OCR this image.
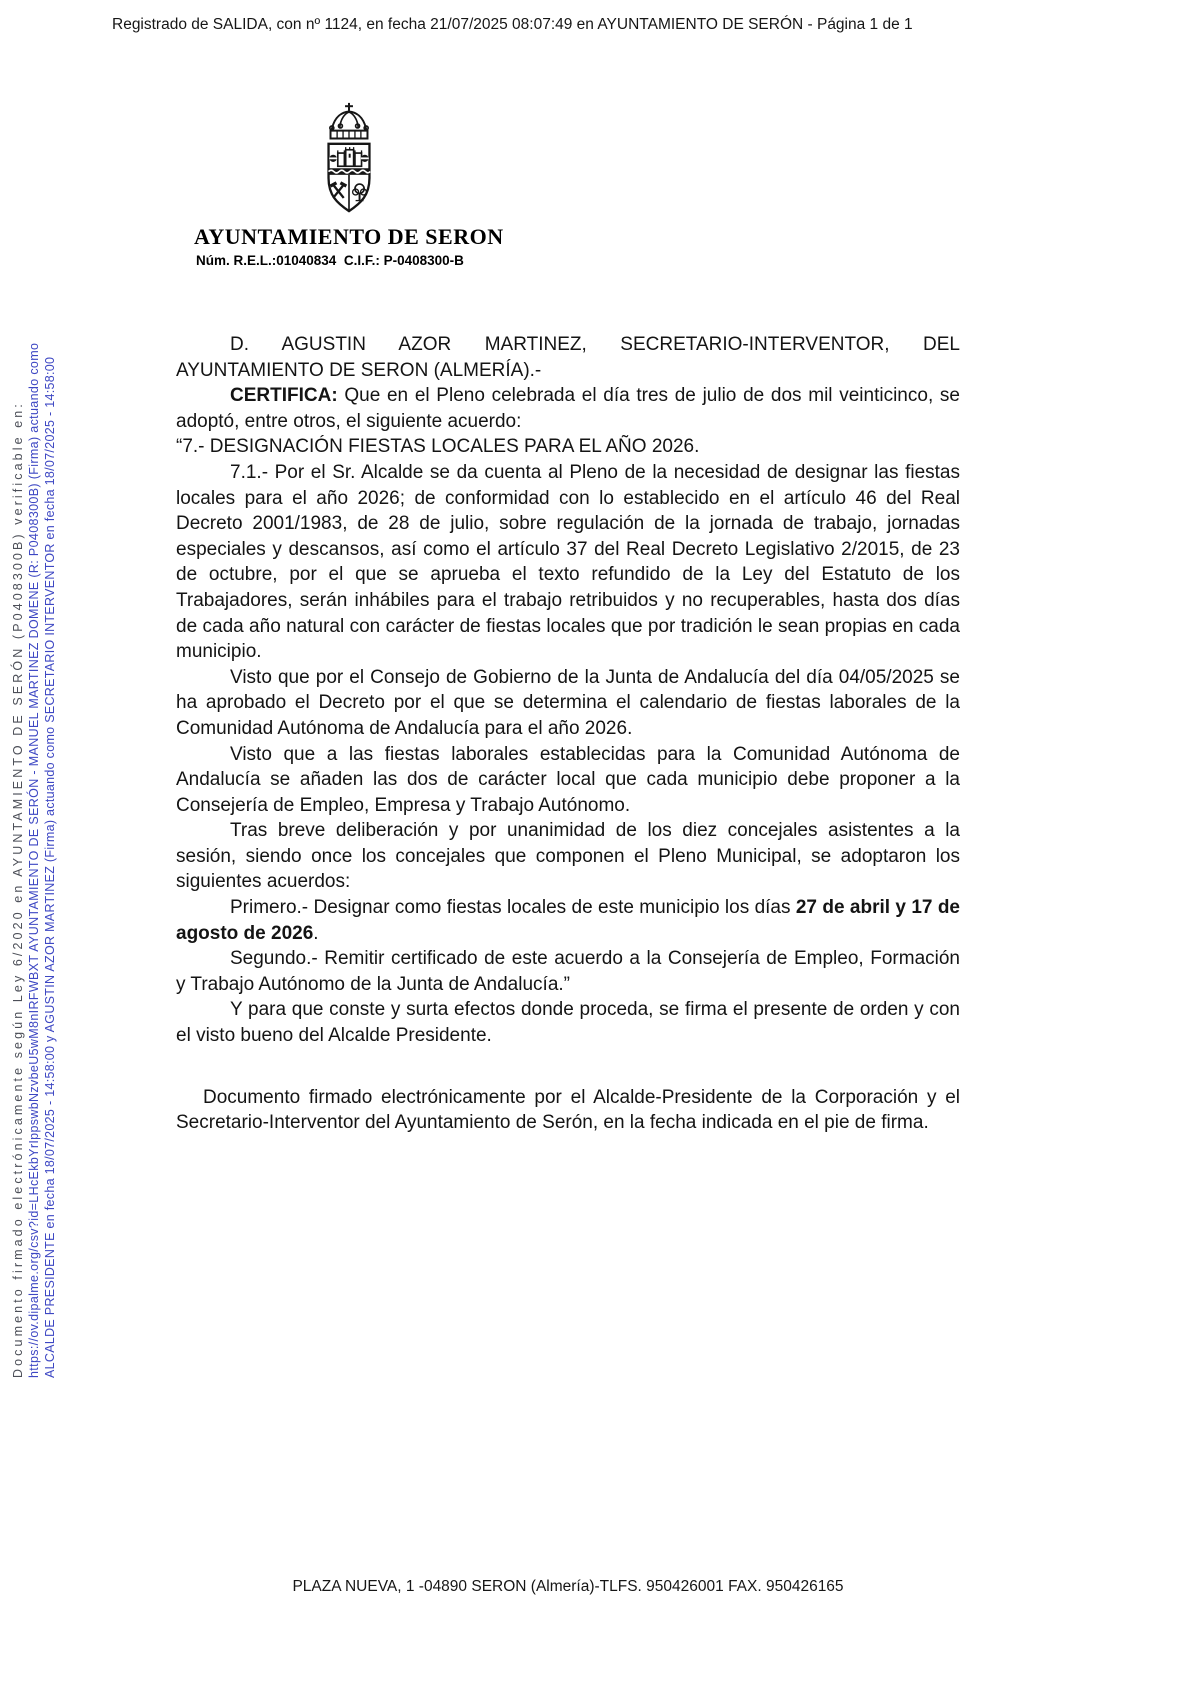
Registrado de SALIDA, con nº 1124, en fecha 21/07/2025 08:07:49 en AYUNTAMIENTO DE SERÓN - Página 1 de 1
Documento firmado electrónicamente según Ley 6/2020 en AYUNTAMIENTO DE SERÓN (P0408300B) verificable en: https://ov.dipalme.org/csv?id=LHcEkbYrIppswbNzvbeU5wM8nIRFWBXT AYUNTAMIENTO DE SERÓN - MANUEL MARTINEZ DOMENE (R: P0408300B) (Firma) actuando como ALCALDE PRESIDENTE en fecha 18/07/2025 - 14:58:00 y AGUSTIN AZOR MARTINEZ (Firma) actuando como SECRETARIO INTERVENTOR en fecha 18/07/2025 - 14:58:00
AYUNTAMIENTO DE SERON
Núm. R.E.L.:01040834  C.I.F.: P-0408300-B

D. AGUSTIN AZOR MARTINEZ, SECRETARIO-INTERVENTOR, DEL AYUNTAMIENTO DE SERON (ALMERÍA).-

CERTIFICA: Que en el Pleno celebrada el día tres de julio de dos mil veinticinco, se adoptó, entre otros, el siguiente acuerdo:

“7.- DESIGNACIÓN FIESTAS LOCALES PARA EL AÑO 2026.

7.1.- Por el Sr. Alcalde se da cuenta al Pleno de la necesidad de designar las fiestas locales para el año 2026; de conformidad con lo establecido en el artículo 46 del Real Decreto 2001/1983, de 28 de julio, sobre regulación de la jornada de trabajo, jornadas especiales y descansos, así como el artículo 37 del Real Decreto Legislativo 2/2015, de 23 de octubre, por el que se aprueba el texto refundido de la Ley del Estatuto de los Trabajadores, serán inhábiles para el trabajo retribuidos y no recuperables, hasta dos días de cada año natural con carácter de fiestas locales que por tradición le sean propias en cada municipio.

Visto que por el Consejo de Gobierno de la Junta de Andalucía del día 04/05/2025 se ha aprobado el Decreto por el que se determina el calendario de fiestas laborales de la Comunidad Autónoma de Andalucía para el año 2026.

Visto que a las fiestas laborales establecidas para la Comunidad Autónoma de Andalucía se añaden las dos de carácter local que cada municipio debe proponer a la Consejería de Empleo, Empresa y Trabajo Autónomo.

Tras breve deliberación y por unanimidad de los diez concejales asistentes a la sesión, siendo once los concejales que componen el Pleno Municipal, se adoptaron los siguientes acuerdos:

Primero.- Designar como fiestas locales de este municipio los días 27 de abril y 17 de agosto de 2026.

Segundo.- Remitir certificado de este acuerdo a la Consejería de Empleo, Formación y Trabajo Autónomo de la Junta de Andalucía.”

Y para que conste y surta efectos donde proceda, se firma el presente de orden y con el visto bueno del Alcalde Presidente.

Documento firmado electrónicamente por el Alcalde-Presidente de la Corporación y el Secretario-Interventor del Ayuntamiento de Serón, en la fecha indicada en el pie de firma.

PLAZA NUEVA, 1 -04890 SERON (Almería)-TLFS. 950426001 FAX. 950426165
